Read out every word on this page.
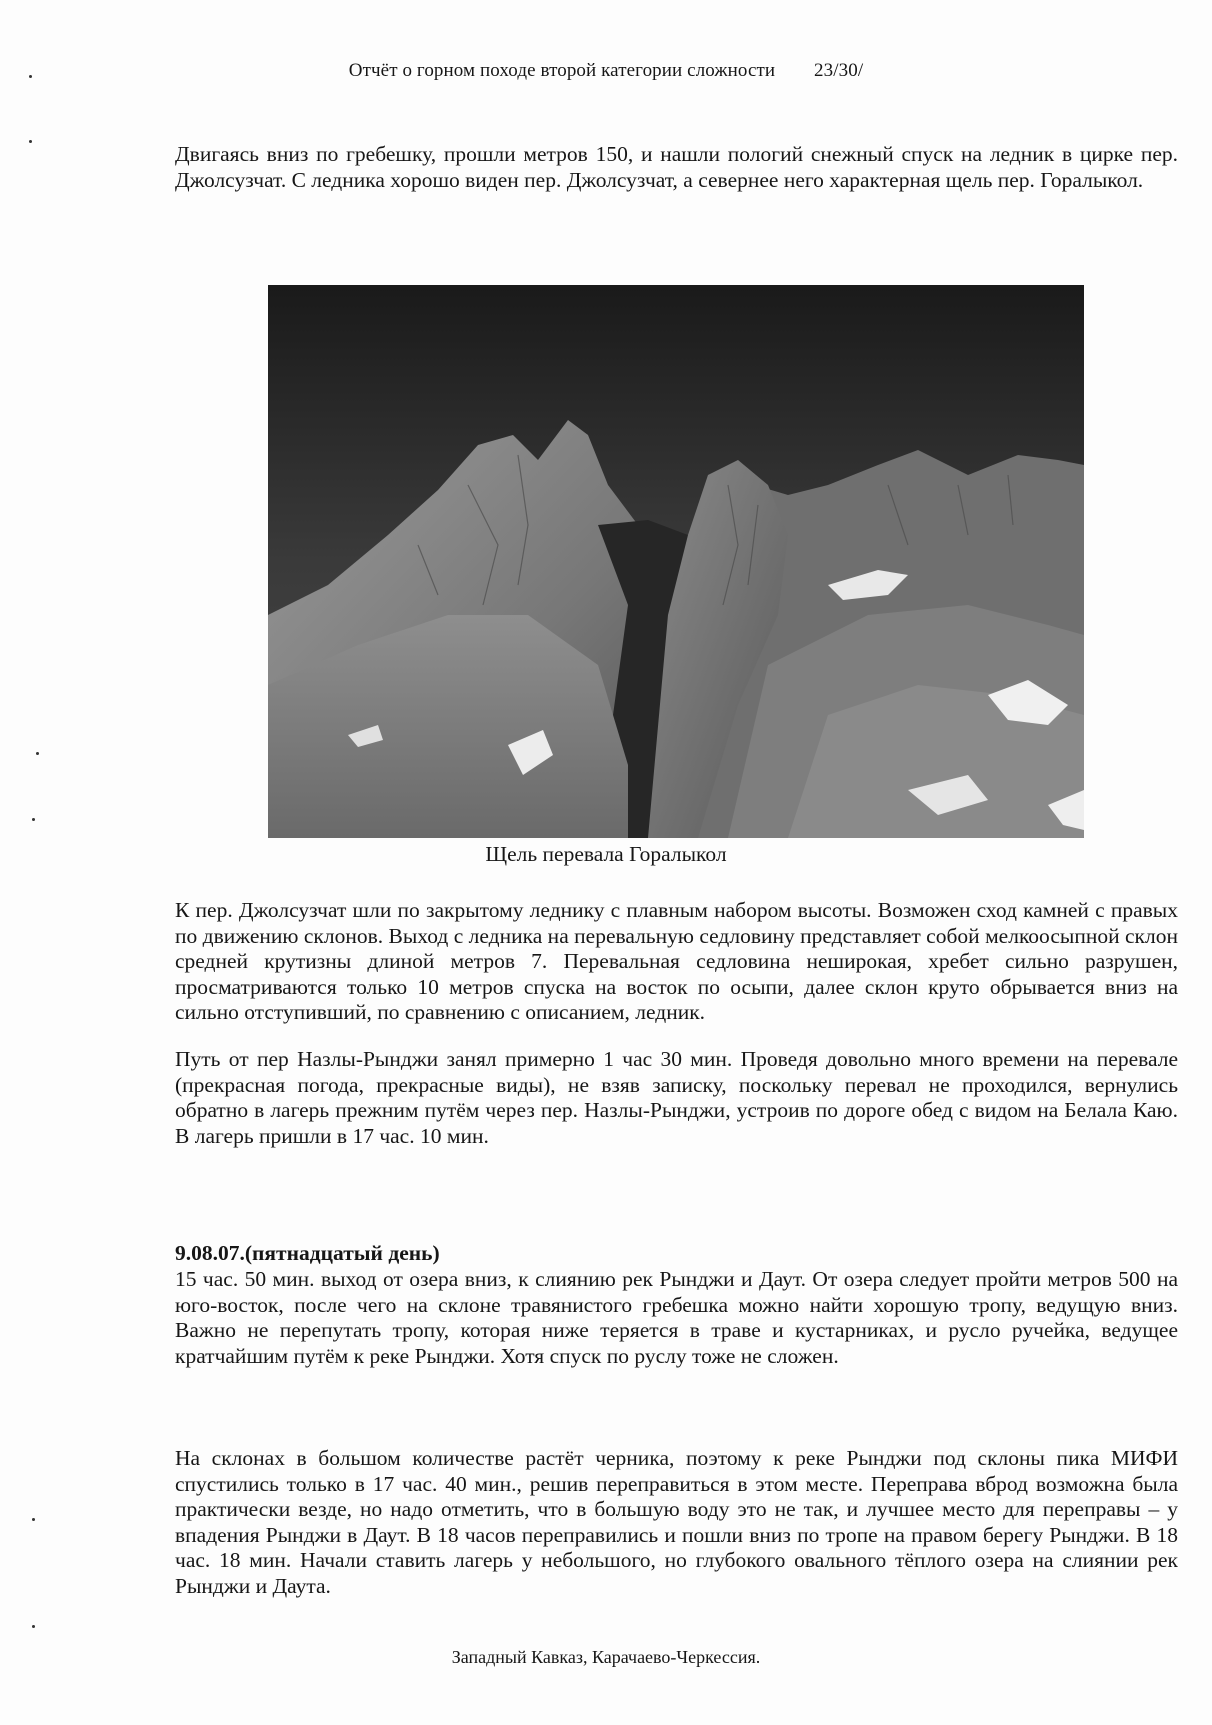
Отчёт о горном походе второй категории сложности 23/30/

Двигаясь вниз по гребешку, прошли метров 150, и нашли пологий снежный спуск на ледник в цирке пер. Джолсузчат. С ледника хорошо виден пер. Джолсузчат, а севернее него характерная щель пер. Горалыкол.

Щель перевала Горалыкол

К пер. Джолсузчат шли по закрытому леднику с плавным набором высоты. Возможен сход камней с правых по движению склонов. Выход с ледника на перевальную седловину представляет собой мелкоосыпной склон средней крутизны длиной метров 7. Перевальная седловина неширокая, хребет сильно разрушен, просматриваются только 10 метров спуска на восток по осыпи, далее склон круто обрывается вниз на сильно отступивший, по сравнению с описанием, ледник.

Путь от пер Назлы-Рынджи занял примерно 1 час 30 мин. Проведя довольно много времени на перевале (прекрасная погода, прекрасные виды), не взяв записку, поскольку перевал не проходился, вернулись обратно в лагерь прежним путём через пер. Назлы-Рынджи, устроив по дороге обед с видом на Белала Каю. В лагерь пришли в 17 час. 10 мин.

9.08.07.(пятнадцатый день)

15 час. 50 мин. выход от озера вниз, к слиянию рек Рынджи и Даут. От озера следует пройти метров 500 на юго-восток, после чего на склоне травянистого гребешка можно найти хорошую тропу, ведущую вниз. Важно не перепутать тропу, которая ниже теряется в траве и кустарниках, и русло ручейка, ведущее кратчайшим путём к реке Рынджи. Хотя спуск по руслу тоже не сложен.

На склонах в большом количестве растёт черника, поэтому к реке Рынджи под склоны пика МИФИ спустились только в 17 час. 40 мин., решив переправиться в этом месте. Переправа вброд возможна была практически везде, но надо отметить, что в большую воду это не так, и лучшее место для переправы – у впадения Рынджи в Даут. В 18 часов переправились и пошли вниз по тропе на правом берегу Рынджи. В 18 час. 18 мин. Начали ставить лагерь у небольшого, но глубокого овального тёплого озера на слиянии рек Рынджи и Даута.

Западный Кавказ, Карачаево-Черкессия.
